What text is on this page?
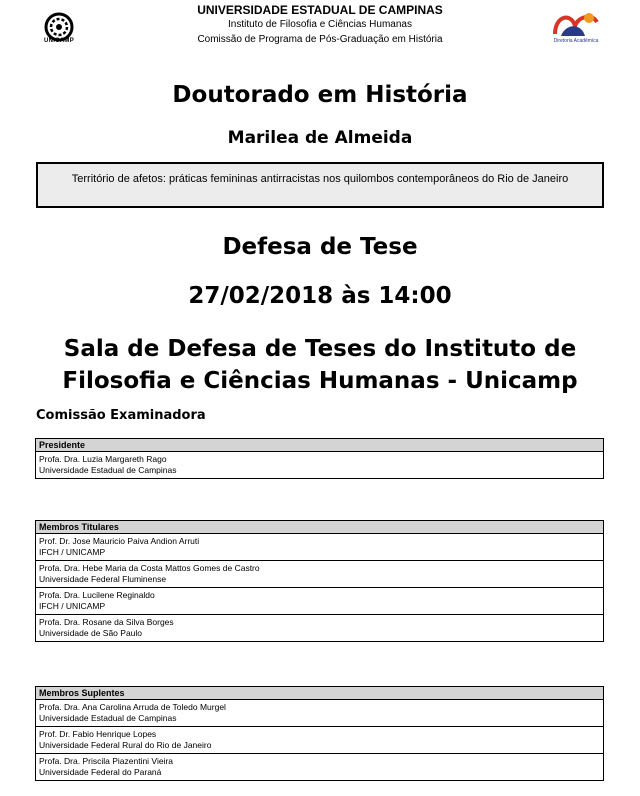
UNICAMP	Diretoria Acadêmica
UNIVERSIDADE ESTADUAL DE CAMPINAS
Instituto de Filosofia e Ciências Humanas
Comissão de Programa de Pós-Graduação em História
Doutorado em História
Marilea de Almeida
Território de afetos: práticas femininas antirracistas nos quilombos contemporâneos do Rio de Janeiro
Defesa de Tese
27/02/2018 às 14:00
Sala de Defesa de Teses do Instituto de Filosofia e Ciências Humanas - Unicamp
Comissão Examinadora
Presidente
Profa. Dra. Luzia Margareth Rago
Universidade Estadual de Campinas
Membros Titulares
Prof. Dr. Jose Mauricio Paiva Andion Arruti
IFCH / UNICAMP
Profa. Dra. Hebe Maria da Costa Mattos Gomes de Castro
Universidade Federal Fluminense
Profa. Dra. Lucilene Reginaldo
IFCH / UNICAMP
Profa. Dra. Rosane da Silva Borges
Universidade de São Paulo
Membros Suplentes
Profa. Dra. Ana Carolina Arruda de Toledo Murgel
Universidade Estadual de Campinas
Prof. Dr. Fabio Henrique Lopes
Universidade Federal Rural do Rio de Janeiro
Profa. Dra. Priscila Piazentini Vieira
Universidade Federal do Paraná
